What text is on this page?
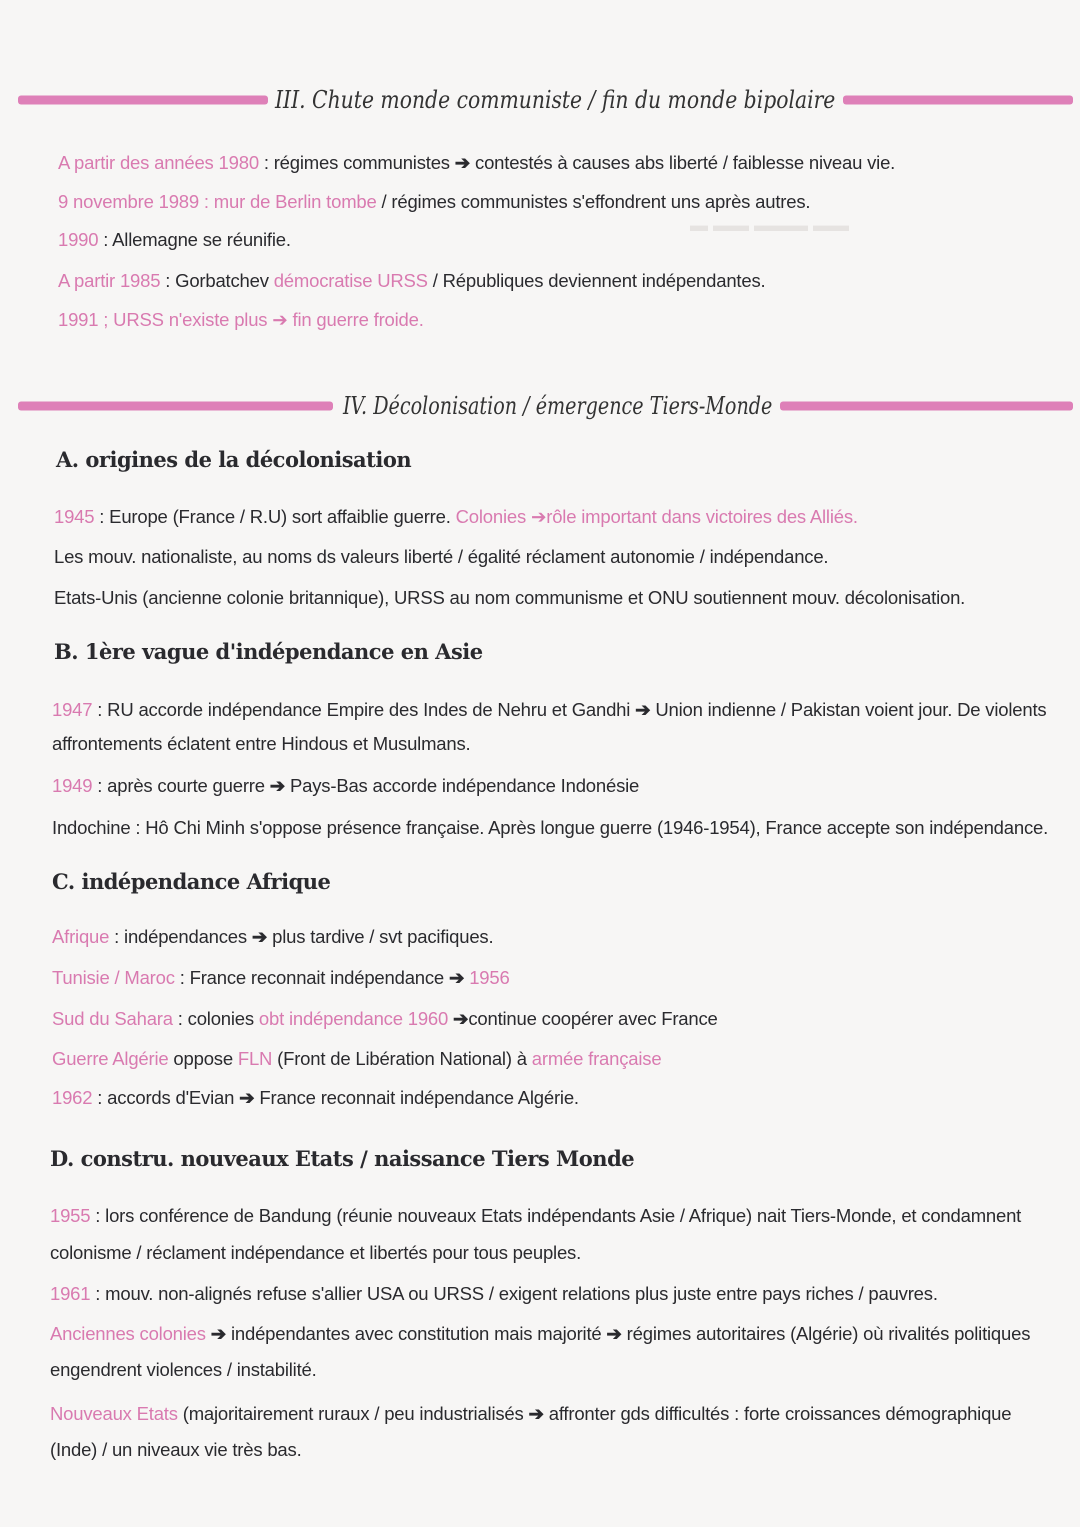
III. Chute monde communiste / fin du monde bipolaire
A partir des années 1980 : régimes communistes ➔ contestés à causes abs liberté / faiblesse niveau vie.
9 novembre 1989 : mur de Berlin tombe / régimes communistes s'effondrent uns après autres.
1990 : Allemagne se réunifie.
A partir 1985 : Gorbatchev démocratise URSS / Républiques deviennent indépendantes.
1991 ; URSS n'existe plus ➔ fin guerre froide.
▬ ▬▬ ▬▬▬ ▬▬
IV. Décolonisation / émergence Tiers-Monde
A. origines de la décolonisation
1945 : Europe (France / R.U) sort affaiblie guerre. Colonies ➔rôle important dans victoires des Alliés.
Les mouv. nationaliste, au noms ds valeurs liberté / égalité réclament autonomie / indépendance.
Etats-Unis (ancienne colonie britannique), URSS au nom communisme et ONU soutiennent mouv. décolonisation.
B. 1ère vague d'indépendance en Asie
1947 : RU accorde indépendance Empire des Indes de Nehru et Gandhi ➔ Union indienne / Pakistan voient jour. De violents
affrontements éclatent entre Hindous et Musulmans.
1949 : après courte guerre ➔ Pays-Bas accorde indépendance Indonésie
Indochine : Hô Chi Minh s'oppose présence française. Après longue guerre (1946-1954), France accepte son indépendance.
C. indépendance Afrique
Afrique : indépendances ➔ plus tardive / svt pacifiques.
Tunisie / Maroc : France reconnait indépendance ➔ 1956
Sud du Sahara : colonies obt indépendance 1960 ➔continue coopérer avec France
Guerre Algérie oppose FLN (Front de Libération National) à armée française
1962 : accords d'Evian ➔ France reconnait indépendance Algérie.
D. constru. nouveaux Etats / naissance Tiers Monde
1955 : lors conférence de Bandung (réunie nouveaux Etats indépendants Asie / Afrique) nait Tiers-Monde, et condamnent
colonisme / réclament indépendance et libertés pour tous peuples.
1961 : mouv. non-alignés refuse s'allier USA ou URSS / exigent relations plus juste entre pays riches / pauvres.
Anciennes colonies ➔ indépendantes avec constitution mais majorité ➔ régimes autoritaires (Algérie) où rivalités politiques
engendrent violences / instabilité.
Nouveaux Etats (majoritairement ruraux / peu industrialisés ➔ affronter gds difficultés : forte croissances démographique
(Inde) / un niveaux vie très bas.
